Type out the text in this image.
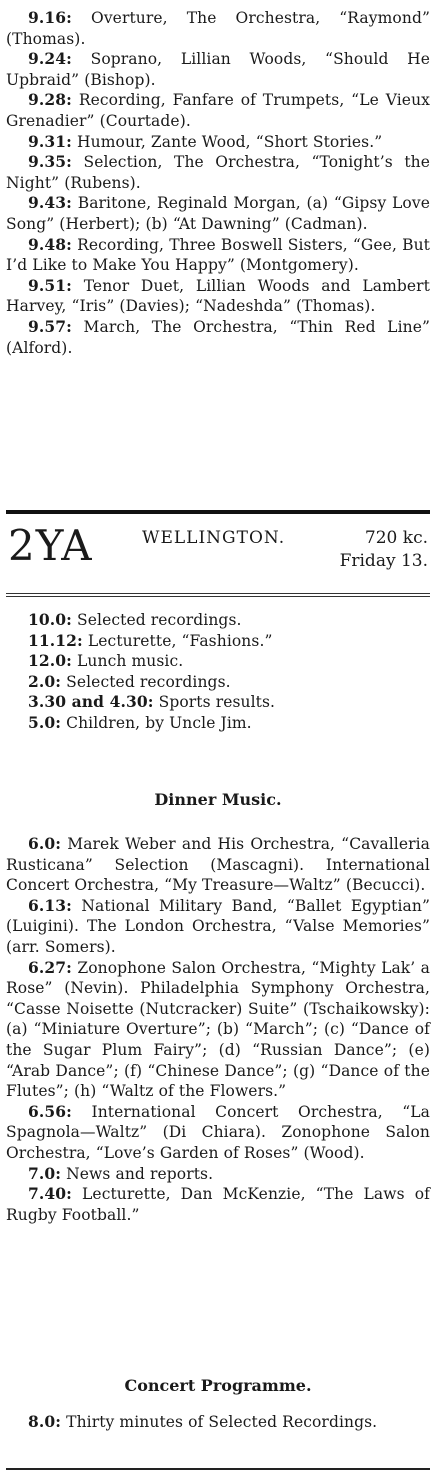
9.16: Overture, The Orchestra, “Raymond” (Thomas).

9.24: Soprano, Lillian Woods, “Should He Upbraid” (Bishop).

9.28: Recording, Fanfare of Trumpets, “Le Vieux Grenadier” (Courtade).

9.31: Humour, Zante Wood, “Short Stories.”

9.35: Selection, The Orchestra, “Tonight’s the Night” (Rubens).

9.43: Baritone, Reginald Morgan, (a) “Gipsy Love Song” (Herbert); (b) “At Dawning” (Cadman).

9.48: Recording, Three Boswell Sisters, “Gee, But I’d Like to Make You Happy” (Montgomery).

9.51: Tenor Duet, Lillian Woods and Lambert Harvey, “Iris” (Davies); “Nadeshda” (Thomas).

9.57: March, The Orchestra, “Thin Red Line” (Alford).

2YA	WELLINGTON.	720 kc.
Friday 13.

10.0: Selected recordings.

11.12: Lecturette, “Fashions.”

12.0: Lunch music.

2.0: Selected recordings.

3.30 and 4.30: Sports results.

5.0: Children, by Uncle Jim.

Dinner Music.

6.0: Marek Weber and His Orchestra, “Cavalleria Rusticana” Selection (Mascagni). International Concert Orchestra, “My Treasure—Waltz” (Becucci).

6.13: National Military Band, “Ballet Egyptian” (Luigini). The London Orchestra, “Valse Memories” (arr. Somers).

6.27: Zonophone Salon Orchestra, “Mighty Lak’ a Rose” (Nevin). Philadelphia Symphony Orchestra, “Casse Noisette (Nutcracker) Suite” (Tschaikowsky): (a) “Miniature Overture”; (b) “March”; (c) “Dance of the Sugar Plum Fairy”; (d) “Russian Dance”; (e) “Arab Dance”; (f) “Chinese Dance”; (g) “Dance of the Flutes”; (h) “Waltz of the Flowers.”

6.56: International Concert Orchestra, “La Spagnola—Waltz” (Di Chiara). Zonophone Salon Orchestra, “Love’s Garden of Roses” (Wood).

7.0: News and reports.

7.40: Lecturette, Dan McKenzie, “The Laws of Rugby Football.”

Concert Programme.

8.0: Thirty minutes of Selected Recordings.
